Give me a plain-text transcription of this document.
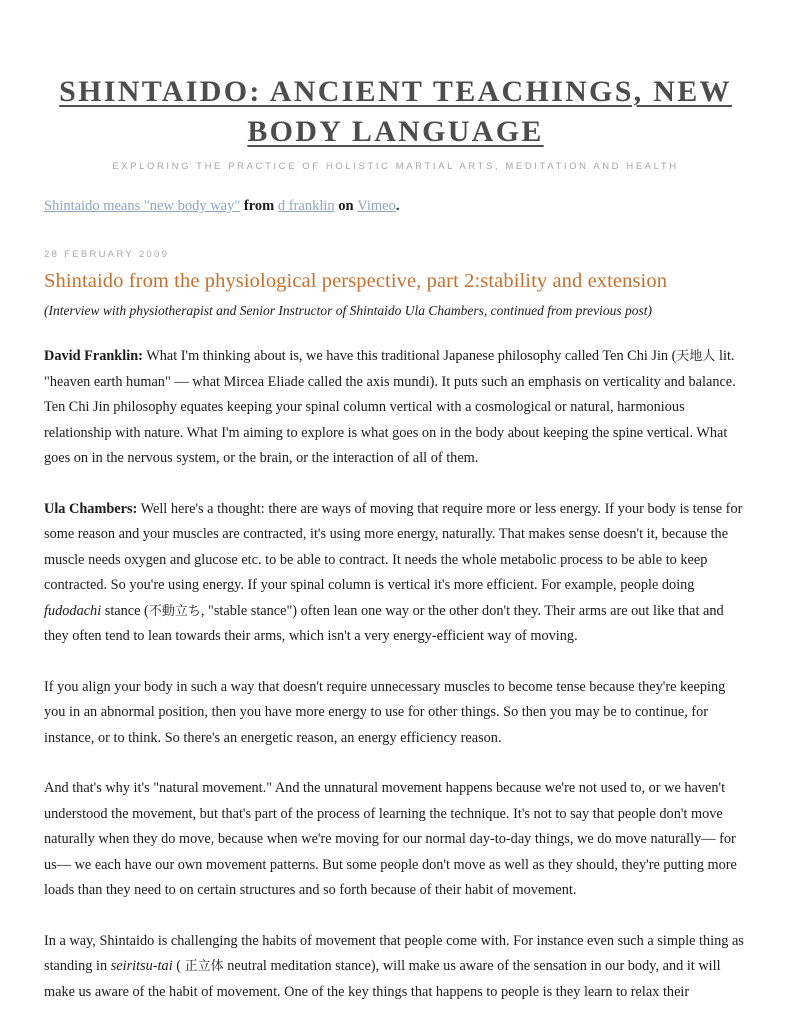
SHINTAIDO: ANCIENT TEACHINGS, NEW
BODY LANGUAGE

EXPLORING THE PRACTICE OF HOLISTIC MARTIAL ARTS, MEDITATION AND HEALTH

Shintaido means "new body way" from d franklin on Vimeo.

28 FEBRUARY 2009
Shintaido from the physiological perspective, part 2:stability and extension

(Interview with physiotherapist and Senior Instructor of Shintaido Ula Chambers, continued from previous post)

David Franklin: What I'm thinking about is, we have this traditional Japanese philosophy called Ten Chi Jin (天地人 lit. "heaven earth human" — what Mircea Eliade called the axis mundi). It puts such an emphasis on verticality and balance. Ten Chi Jin philosophy equates keeping your spinal column vertical with a cosmological or natural, harmonious relationship with nature. What I'm aiming to explore is what goes on in the body about keeping the spine vertical. What goes on in the nervous system, or the brain, or the interaction of all of them.

Ula Chambers: Well here's a thought: there are ways of moving that require more or less energy. If your body is tense for some reason and your muscles are contracted, it's using more energy, naturally. That makes sense doesn't it, because the muscle needs oxygen and glucose etc. to be able to contract. It needs the whole metabolic process to be able to keep contracted. So you're using energy. If your spinal column is vertical it's more efficient. For example, people doing fudodachi stance (不動立ち, "stable stance") often lean one way or the other don't they. Their arms are out like that and they often tend to lean towards their arms, which isn't a very energy-efficient way of moving.

If you align your body in such a way that doesn't require unnecessary muscles to become tense because they're keeping you in an abnormal position, then you have more energy to use for other things. So then you may be to continue, for instance, or to think. So there's an energetic reason, an energy efficiency reason.

And that's why it's "natural movement." And the unnatural movement happens because we're not used to, or we haven't understood the movement, but that's part of the process of learning the technique. It's not to say that people don't move naturally when they do move, because when we're moving for our normal day-to-day things, we do move naturally— for us— we each have our own movement patterns. But some people don't move as well as they should, they're putting more loads than they need to on certain structures and so forth because of their habit of movement.

In a way, Shintaido is challenging the habits of movement that people come with. For instance even such a simple thing as standing in seiritsu-tai ( 正立体 neutral meditation stance), will make us aware of the sensation in our body, and it will make us aware of the habit of movement. One of the key things that happens to people is they learn to relax their
